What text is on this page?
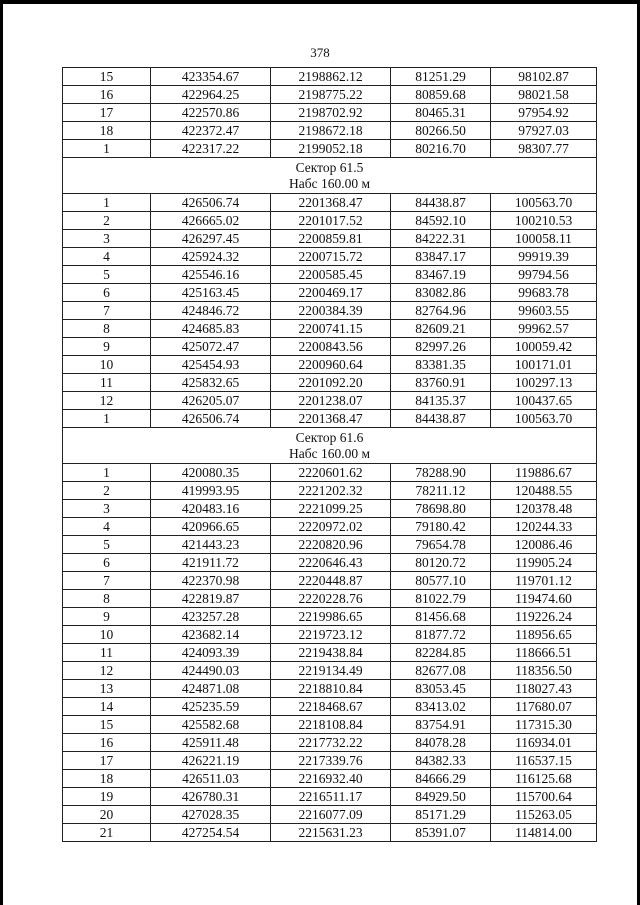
378
15	423354.67	2198862.12	81251.29	98102.87
16	422964.25	2198775.22	80859.68	98021.58
17	422570.86	2198702.92	80465.31	97954.92
18	422372.47	2198672.18	80266.50	97927.03
1	422317.22	2199052.18	80216.70	98307.77

Сектор 61.5
Набс 160.00 м				

1	426506.74	2201368.47	84438.87	100563.70
2	426665.02	2201017.52	84592.10	100210.53
3	426297.45	2200859.81	84222.31	100058.11
4	425924.32	2200715.72	83847.17	99919.39
5	425546.16	2200585.45	83467.19	99794.56
6	425163.45	2200469.17	83082.86	99683.78
7	424846.72	2200384.39	82764.96	99603.55
8	424685.83	2200741.15	82609.21	99962.57
9	425072.47	2200843.56	82997.26	100059.42
10	425454.93	2200960.64	83381.35	100171.01
11	425832.65	2201092.20	83760.91	100297.13
12	426205.07	2201238.07	84135.37	100437.65
1	426506.74	2201368.47	84438.87	100563.70

Сектор 61.6
Набс 160.00 м				

1	420080.35	2220601.62	78288.90	119886.67
2	419993.95	2221202.32	78211.12	120488.55
3	420483.16	2221099.25	78698.80	120378.48
4	420966.65	2220972.02	79180.42	120244.33
5	421443.23	2220820.96	79654.78	120086.46
6	421911.72	2220646.43	80120.72	119905.24
7	422370.98	2220448.87	80577.10	119701.12
8	422819.87	2220228.76	81022.79	119474.60
9	423257.28	2219986.65	81456.68	119226.24
10	423682.14	2219723.12	81877.72	118956.65
11	424093.39	2219438.84	82284.85	118666.51
12	424490.03	2219134.49	82677.08	118356.50
13	424871.08	2218810.84	83053.45	118027.43
14	425235.59	2218468.67	83413.02	117680.07
15	425582.68	2218108.84	83754.91	117315.30
16	425911.48	2217732.22	84078.28	116934.01
17	426221.19	2217339.76	84382.33	116537.15
18	426511.03	2216932.40	84666.29	116125.68
19	426780.31	2216511.17	84929.50	115700.64
20	427028.35	2216077.09	85171.29	115263.05
21	427254.54	2215631.23	85391.07	114814.00
